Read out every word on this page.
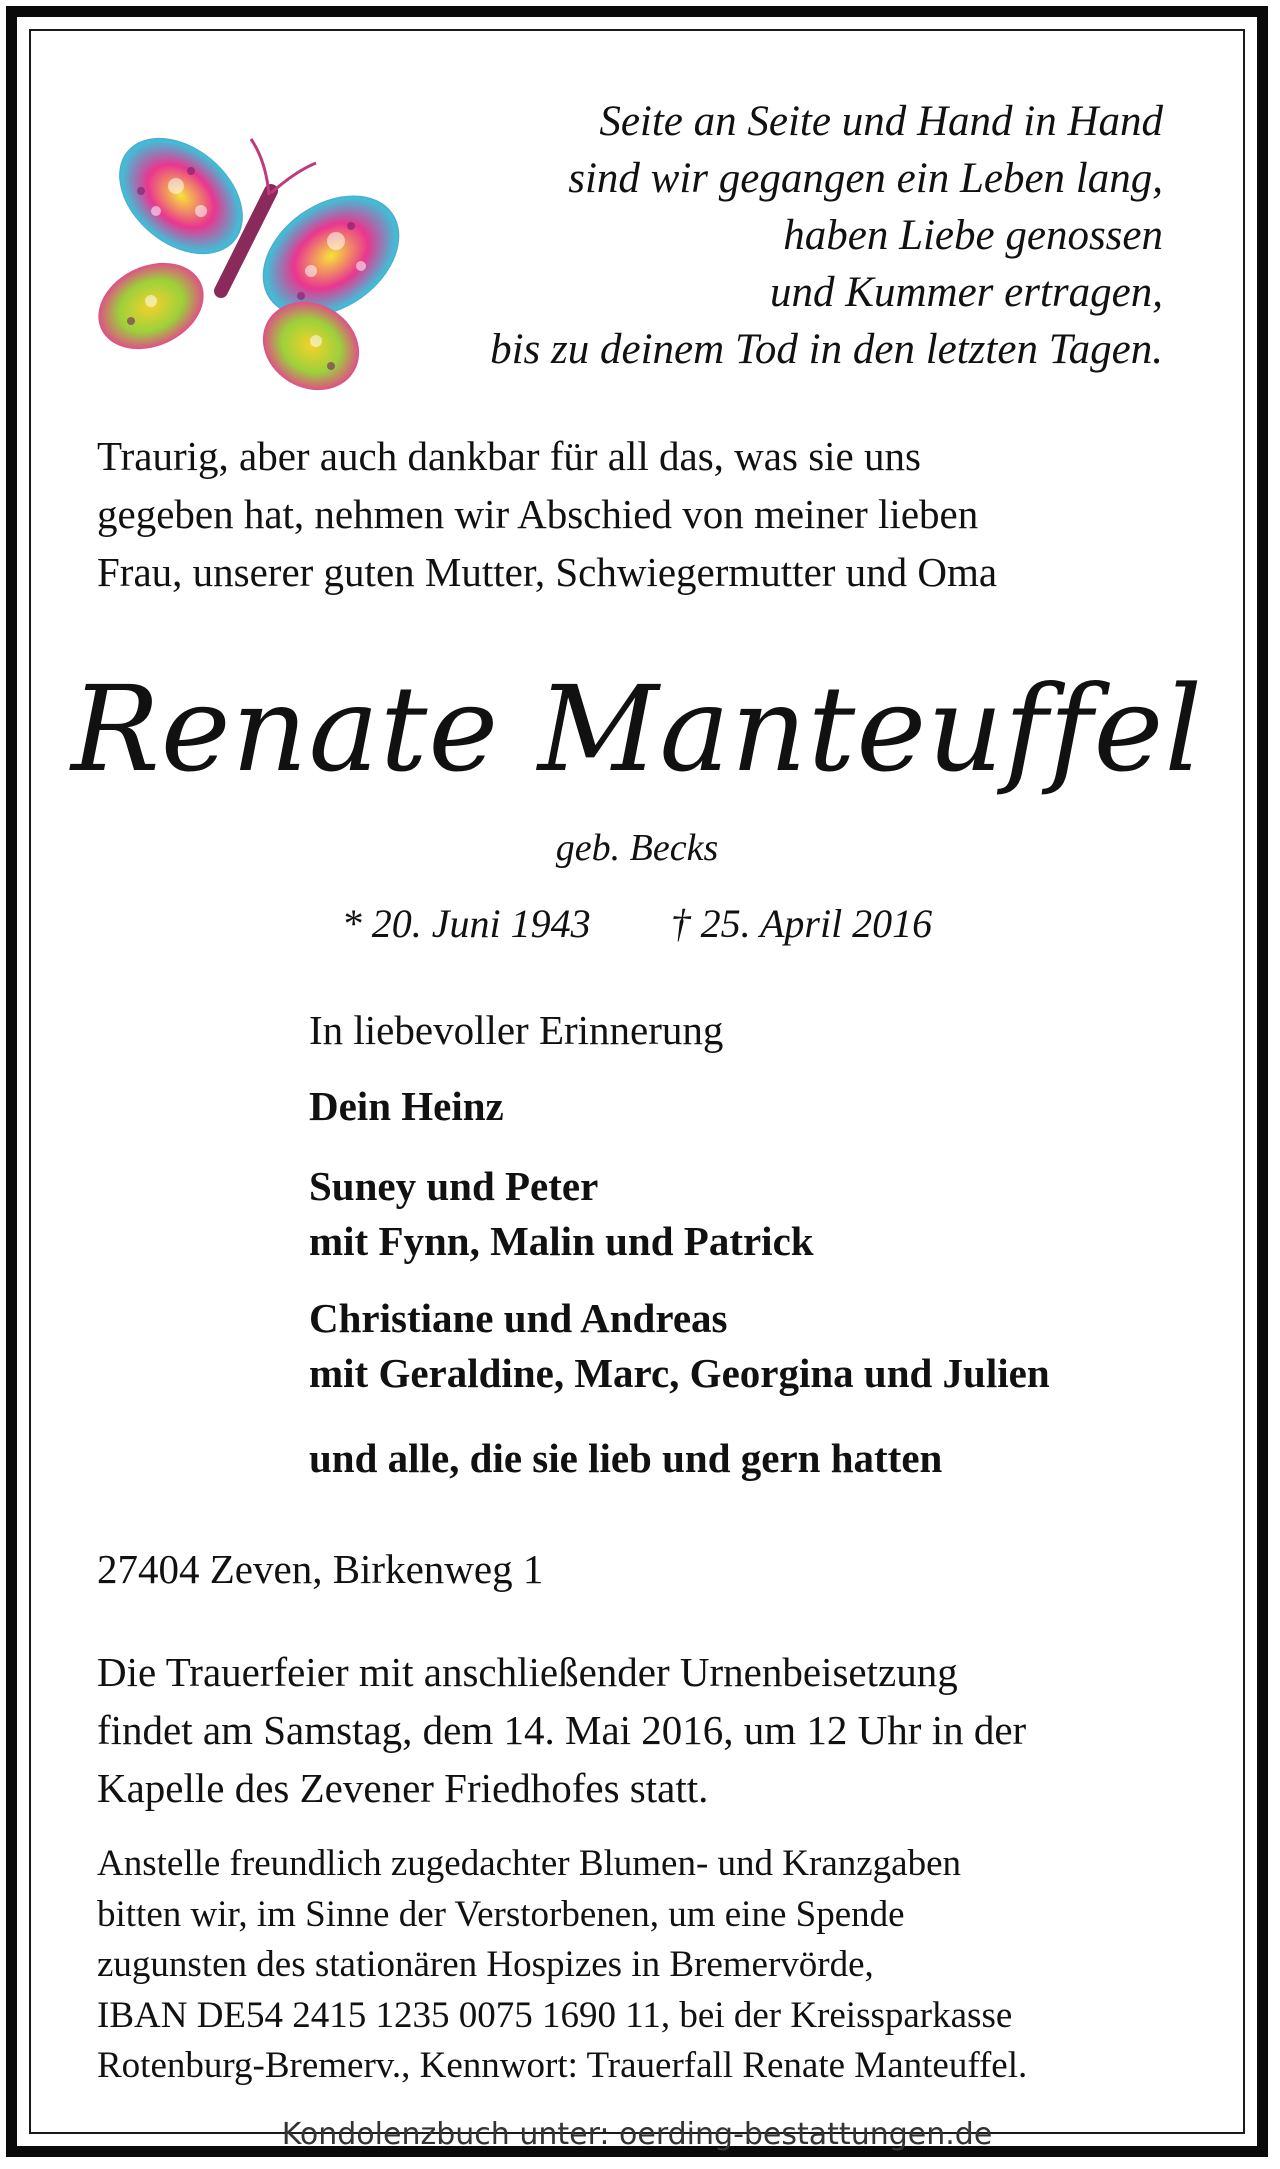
Seite an Seite und Hand in Hand
sind wir gegangen ein Leben lang,
haben Liebe genossen
und Kummer ertragen,
bis zu deinem Tod in den letzten Tagen.
Traurig, aber auch dankbar für all das, was sie uns
gegeben hat, nehmen wir Abschied von meiner lieben
Frau, unserer guten Mutter, Schwiegermutter und Oma
Renate Manteuffel
geb. Becks
* 20. Juni 1943 † 25. April 2016
In liebevoller Erinnerung
Dein Heinz
Suney und Peter
mit Fynn, Malin und Patrick
Christiane und Andreas
mit Geraldine, Marc, Georgina und Julien
und alle, die sie lieb und gern hatten
27404 Zeven, Birkenweg 1
Die Trauerfeier mit anschließender Urnenbeisetzung
findet am Samstag, dem 14. Mai 2016, um 12 Uhr in der
Kapelle des Zevener Friedhofes statt.
Anstelle freundlich zugedachter Blumen- und Kranzgaben
bitten wir, im Sinne der Verstorbenen, um eine Spende
zugunsten des stationären Hospizes in Bremervörde,
IBAN DE54 2415 1235 0075 1690 11, bei der Kreissparkasse
Rotenburg-Bremerv., Kennwort: Trauerfall Renate Manteuffel.
Kondolenzbuch unter: oerding-bestattungen.de
